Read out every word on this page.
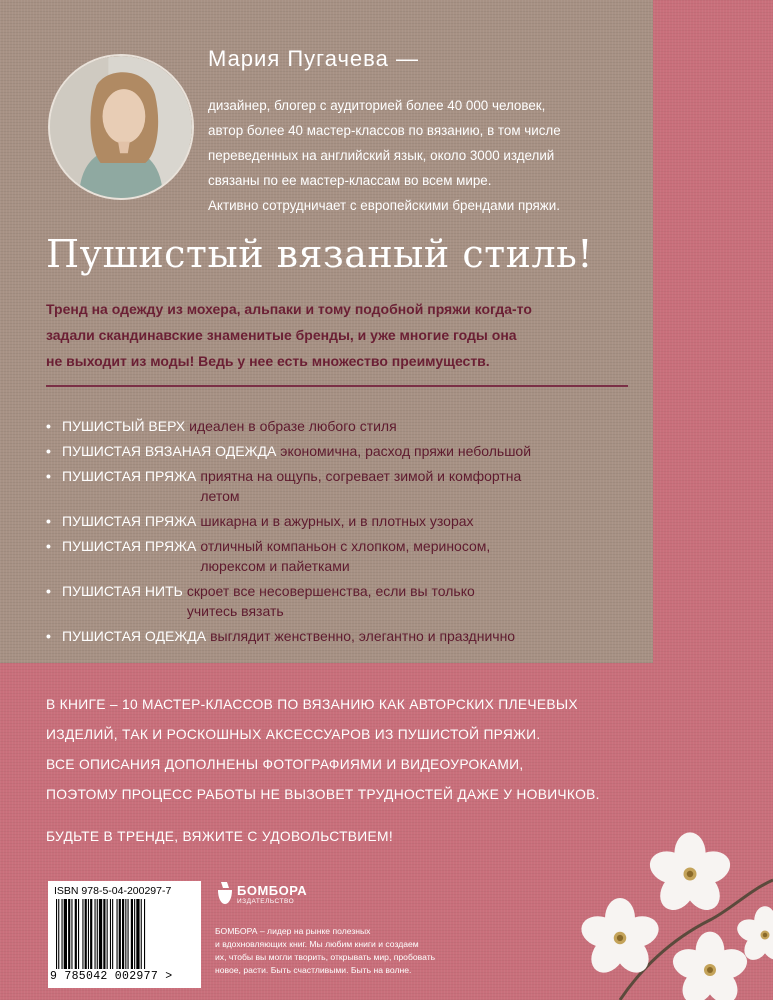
Мария Пугачева —
дизайнер, блогер с аудиторией более 40 000 человек,
автор более 40 мастер-классов по вязанию, в том числе
переведенных на английский язык, около 3000 изделий
связаны по ее мастер-классам во всем мире.
Активно сотрудничает с европейскими брендами пряжи.
Пушистый вязаный стиль!
Тренд на одежду из мохера, альпаки и тому подобной пряжи когда-то
задали скандинавские знаменитые бренды, и уже многие годы она
не выходит из моды! Ведь у нее есть множество преимуществ.
• ПУШИСТЫЙ ВЕРХ идеален в образе любого стиля
• ПУШИСТАЯ ВЯЗАНАЯ ОДЕЖДА экономична, расход пряжи небольшой
• ПУШИСТАЯ ПРЯЖА приятна на ощупь, согревает зимой и комфортна
летом
• ПУШИСТАЯ ПРЯЖА шикарна и в ажурных, и в плотных узорах
• ПУШИСТАЯ ПРЯЖА отличный компаньон с хлопком, мериносом,
люрексом и пайетками
• ПУШИСТАЯ НИТЬ скроет все несовершенства, если вы только
учитесь вязать
• ПУШИСТАЯ ОДЕЖДА выглядит женственно, элегантно и празднично
В КНИГЕ – 10 МАСТЕР-КЛАССОВ ПО ВЯЗАНИЮ КАК АВТОРСКИХ ПЛЕЧЕВЫХ
ИЗДЕЛИЙ, ТАК И РОСКОШНЫХ АКСЕССУАРОВ ИЗ ПУШИСТОЙ ПРЯЖИ.
ВСЕ ОПИСАНИЯ ДОПОЛНЕНЫ ФОТОГРАФИЯМИ И ВИДЕОУРОКАМИ,
ПОЭТОМУ ПРОЦЕСС РАБОТЫ НЕ ВЫЗОВЕТ ТРУДНОСТЕЙ ДАЖЕ У НОВИЧКОВ.
БУДЬТЕ В ТРЕНДЕ, ВЯЖИТЕ С УДОВОЛЬСТВИЕМ!
ISBN 978-5-04-200297-7
9 785042 002977 >
БОМБОРА
ИЗДАТЕЛЬСТВО
БОМБОРА – лидер на рынке полезных
и вдохновляющих книг. Мы любим книги и создаем
их, чтобы вы могли творить, открывать мир, пробовать
новое, расти. Быть счастливыми. Быть на волне.
